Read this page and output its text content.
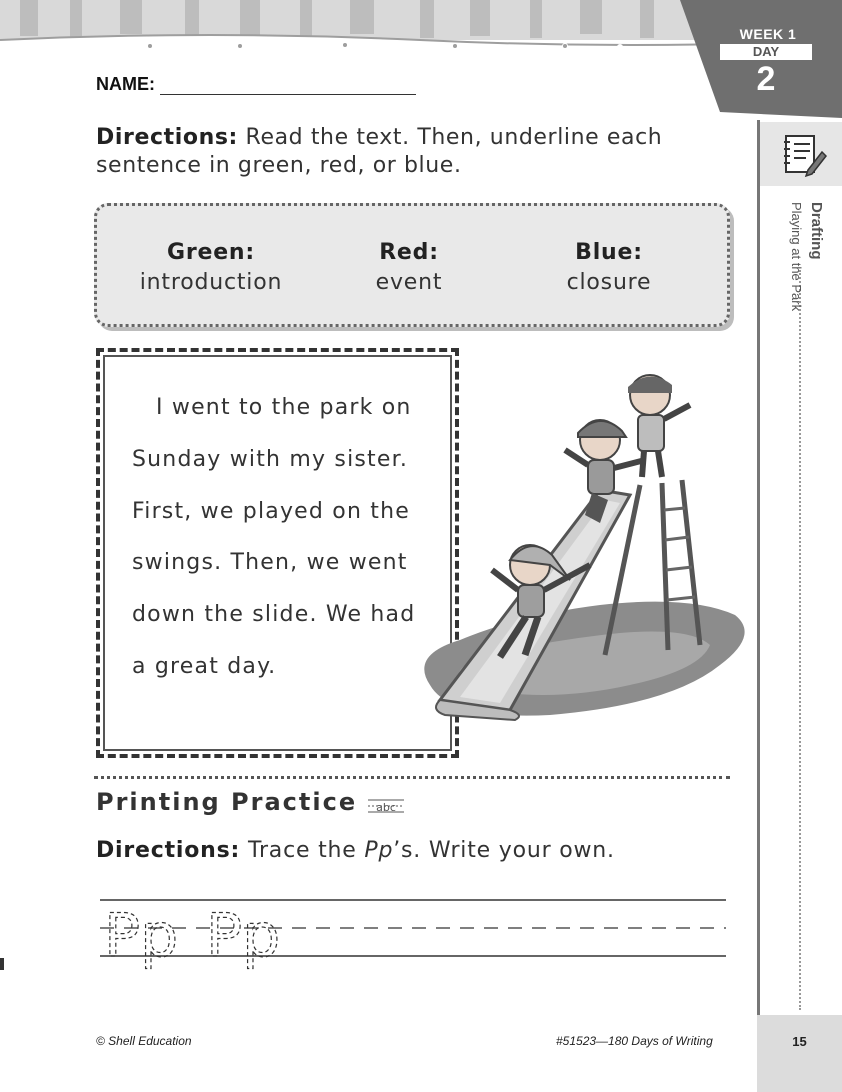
WEEK 1
DAY
2
Drafting
Playing at the Park
NAME:
Directions: Read the text. Then, underline each sentence in green, red, or blue.
Green:
introduction
Red:
event
Blue:
closure
I went to the park on Sunday with my sister. First, we played on the swings. Then, we went down the slide. We had a great day.
Printing Practice abc
Directions: Trace the Pp’s. Write your own.
Pp Pp
© Shell Education	#51523—180 Days of Writing	15
